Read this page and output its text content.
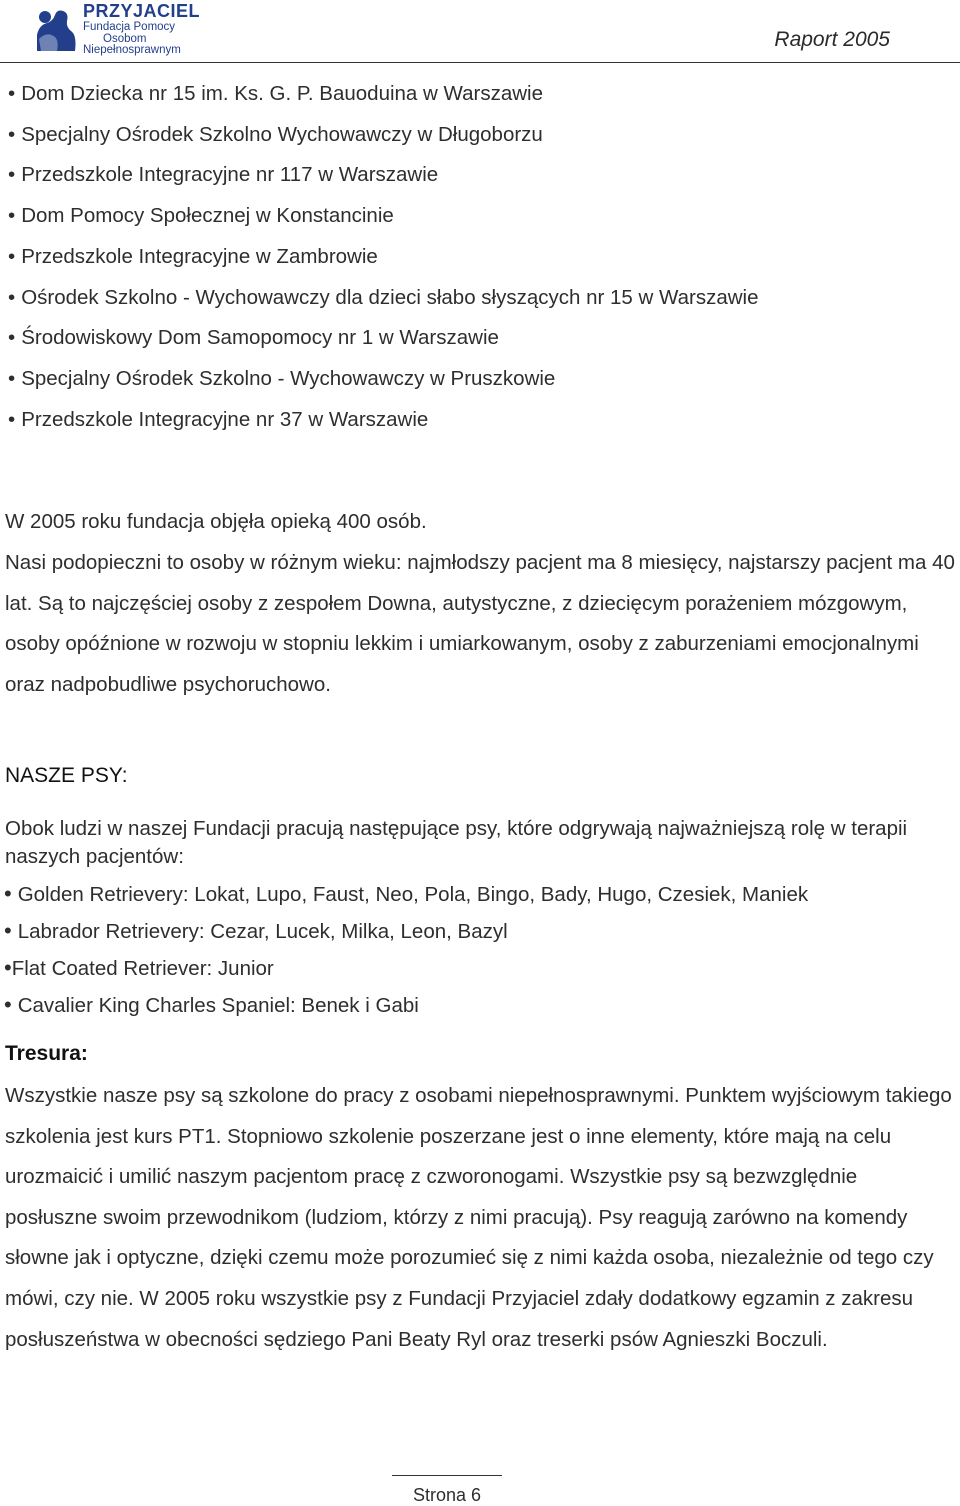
PRZYJACIEL
Fundacja Pomocy
Osobom
Niepełnosprawnym	Raport 2005
• Dom Dziecka nr 15 im. Ks. G. P. Bauoduina w Warszawie
• Specjalny Ośrodek Szkolno Wychowawczy w Długoborzu
• Przedszkole Integracyjne nr 117 w Warszawie
• Dom Pomocy Społecznej w Konstancinie
• Przedszkole Integracyjne w Zambrowie
• Ośrodek Szkolno - Wychowawczy dla dzieci słabo słyszących nr 15 w Warszawie
• Środowiskowy Dom Samopomocy nr 1 w Warszawie
• Specjalny Ośrodek Szkolno - Wychowawczy w Pruszkowie
• Przedszkole Integracyjne nr 37 w Warszawie

W 2005 roku fundacja objęła opieką 400 osób.

Nasi podopieczni to osoby w różnym wieku: najmłodszy pacjent ma 8 miesięcy, najstarszy pacjent ma 40 lat. Są to najczęściej osoby z zespołem Downa, autystyczne, z dziecięcym porażeniem mózgowym, osoby opóźnione w rozwoju w stopniu lekkim i umiarkowanym, osoby z zaburzeniami emocjonalnymi oraz nadpobudliwe psychoruchowo.

NASZE PSY:

Obok ludzi w naszej Fundacji pracują następujące psy, które odgrywają najważniejszą rolę w terapii naszych pacjentów:

• Golden Retrievery: Lokat, Lupo, Faust, Neo, Pola, Bingo, Bady, Hugo, Czesiek, Maniek
• Labrador Retrievery: Cezar, Lucek, Milka, Leon, Bazyl
•Flat Coated Retriever: Junior
• Cavalier King Charles Spaniel: Benek i Gabi
Tresura:

Wszystkie nasze psy są szkolone do pracy z osobami niepełnosprawnymi. Punktem wyjściowym takiego szkolenia jest kurs PT1. Stopniowo szkolenie poszerzane jest o inne elementy, które mają na celu urozmaicić i umilić naszym pacjentom pracę z czworonogami. Wszystkie psy są bezwzględnie posłuszne swoim przewodnikom (ludziom, którzy z nimi pracują). Psy reagują zarówno na komendy słowne jak i optyczne, dzięki czemu może porozumieć się z nimi każda osoba, niezależnie od tego czy mówi, czy nie. W 2005 roku wszystkie psy z Fundacji Przyjaciel zdały dodatkowy egzamin z zakresu posłuszeństwa w obecności sędziego Pani Beaty Ryl oraz treserki psów Agnieszki Boczuli.

Strona 6
